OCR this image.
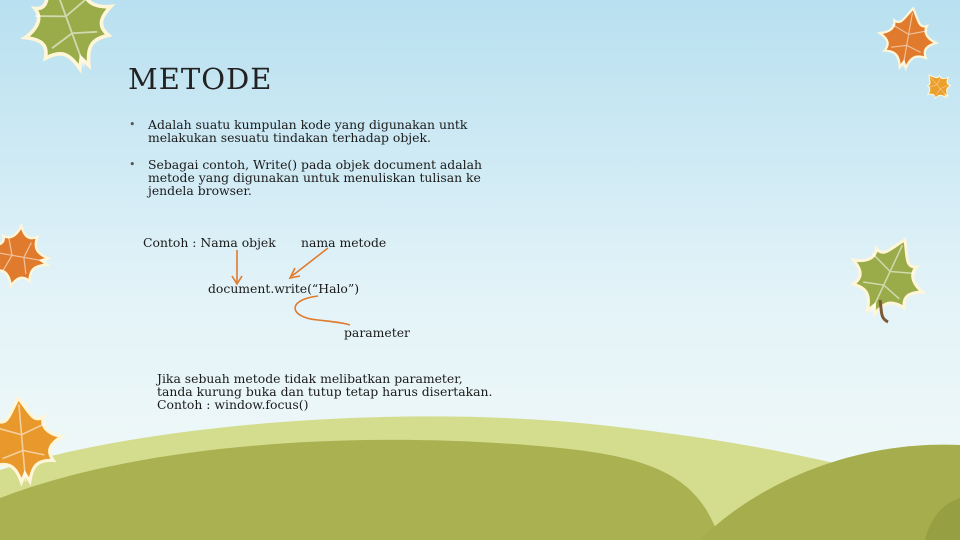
METODE
• Adalah suatu kumpulan kode yang digunakan untk melakukan sesuatu tindakan terhadap objek.
• Sebagai contoh, Write() pada objek document adalah metode yang digunakan untuk menuliskan tulisan ke jendela browser.

Contoh : Nama objek nama metode

document.write(“Halo”)

parameter

Jika sebuah metode tidak melibatkan parameter, tanda kurung buka dan tutup tetap harus disertakan. Contoh : window.focus()
